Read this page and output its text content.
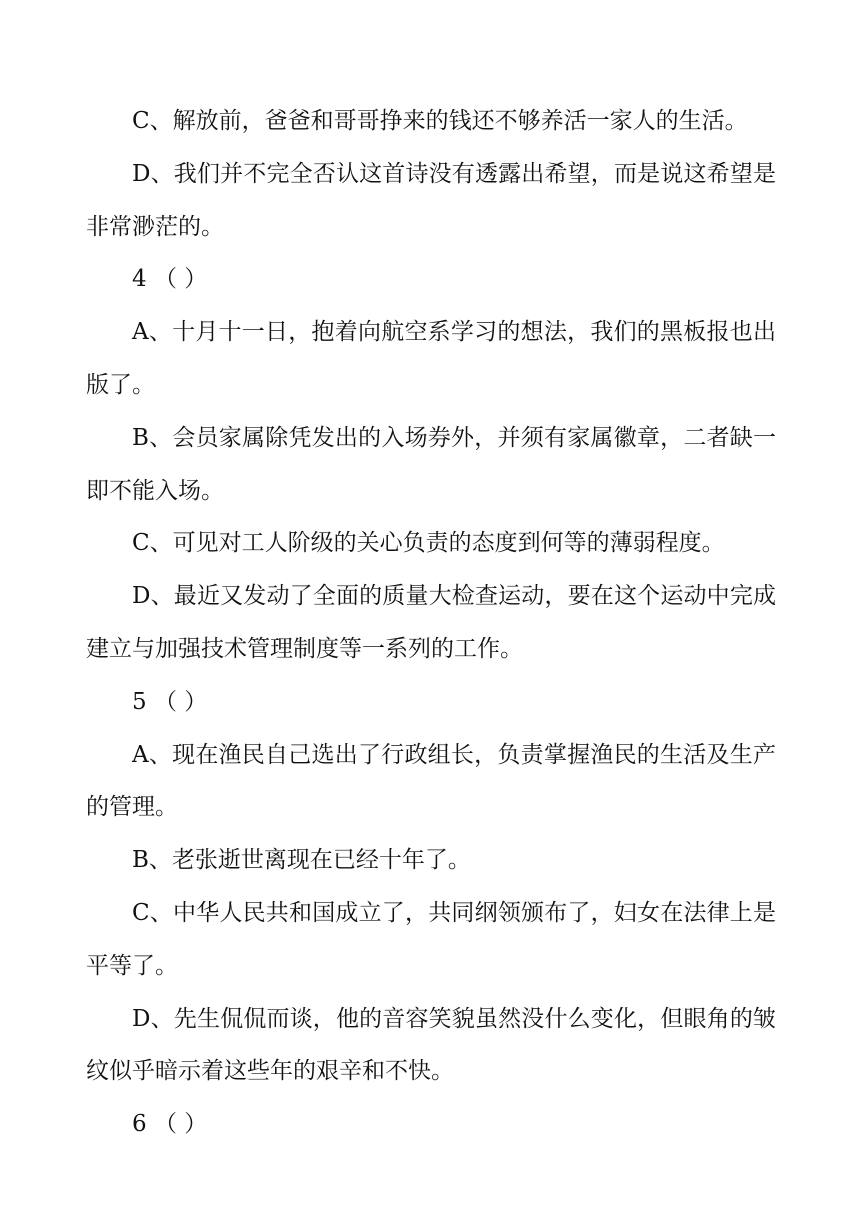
C、解放前，爸爸和哥哥挣来的钱还不够养活一家人的生活。

D、我们并不完全否认这首诗没有透露出希望，而是说这希望是非常渺茫的。

4 （ ）

A、十月十一日，抱着向航空系学习的想法，我们的黑板报也出版了。

B、会员家属除凭发出的入场券外，并须有家属徽章，二者缺一即不能入场。

C、可见对工人阶级的关心负责的态度到何等的薄弱程度。

D、最近又发动了全面的质量大检查运动，要在这个运动中完成建立与加强技术管理制度等一系列的工作。

5 （ ）

A、现在渔民自己选出了行政组长，负责掌握渔民的生活及生产的管理。

B、老张逝世离现在已经十年了。

C、中华人民共和国成立了，共同纲领颁布了，妇女在法律上是平等了。

D、先生侃侃而谈，他的音容笑貌虽然没什么变化，但眼角的皱纹似乎暗示着这些年的艰辛和不快。

6 （ ）
